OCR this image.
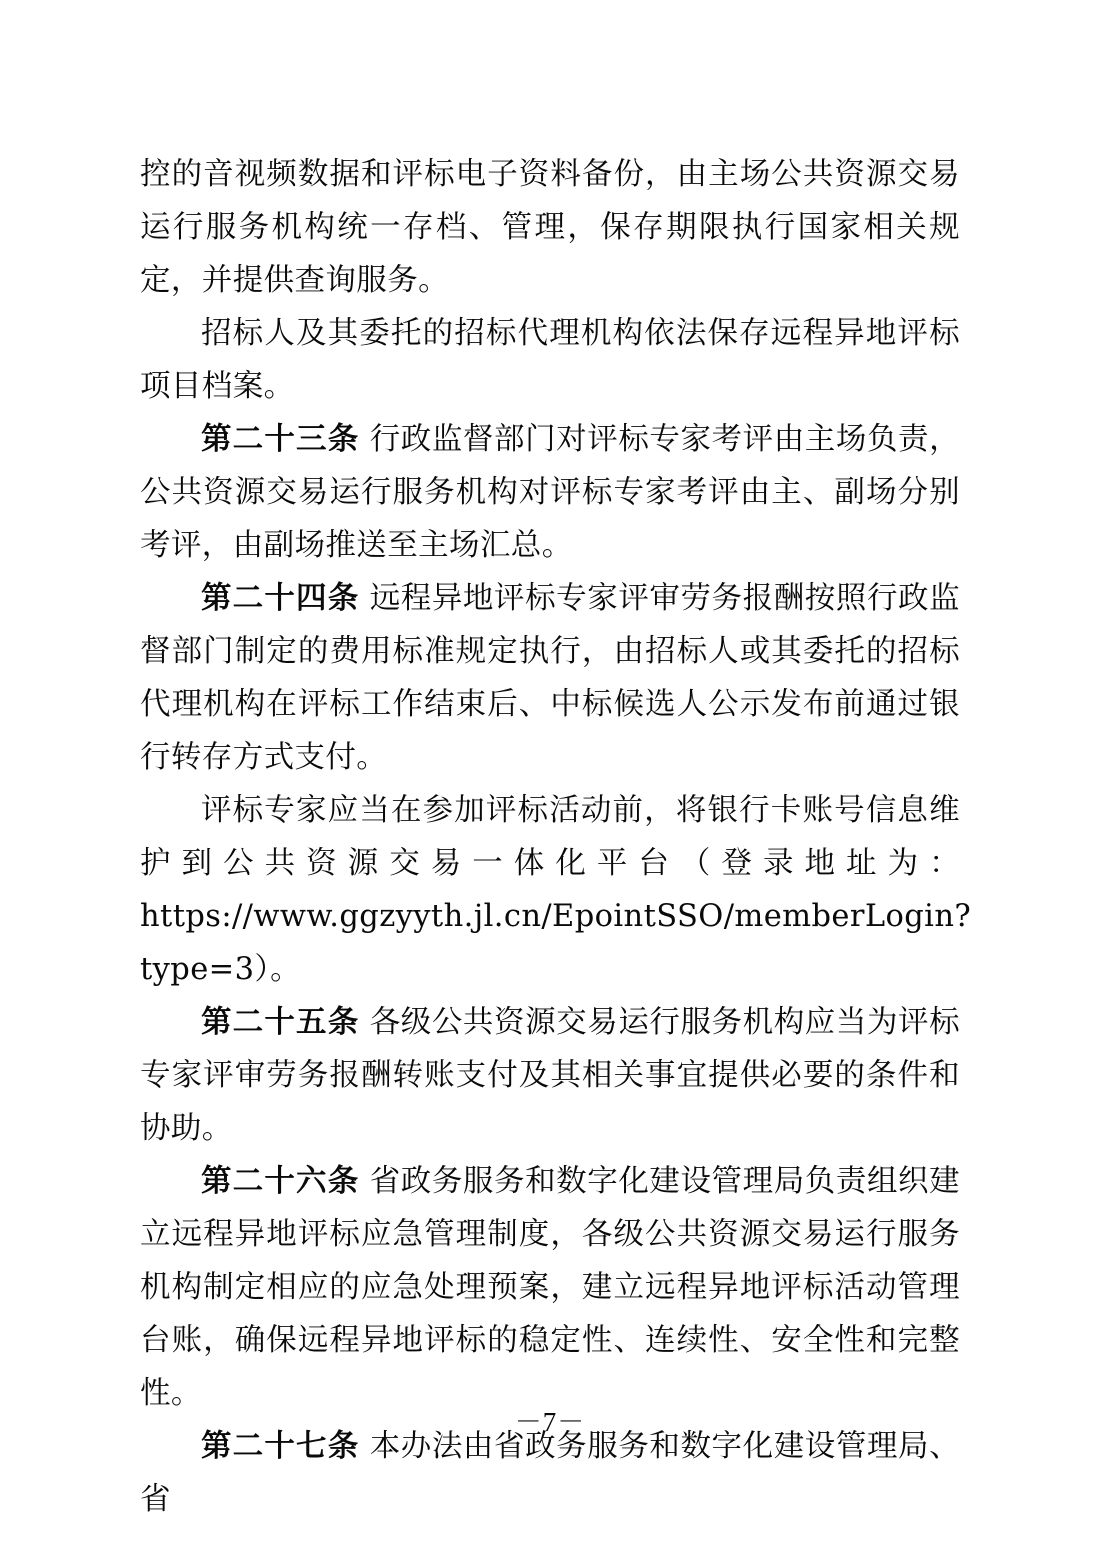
控的音视频数据和评标电子资料备份，由主场公共资源交易运行服务机构统一存档、管理，保存期限执行国家相关规定，并提供查询服务。

招标人及其委托的招标代理机构依法保存远程异地评标项目档案。

第二十三条 行政监督部门对评标专家考评由主场负责，公共资源交易运行服务机构对评标专家考评由主、副场分别考评，由副场推送至主场汇总。

第二十四条 远程异地评标专家评审劳务报酬按照行政监督部门制定的费用标准规定执行，由招标人或其委托的招标代理机构在评标工作结束后、中标候选人公示发布前通过银行转存方式支付。

评标专家应当在参加评标活动前，将银行卡账号信息维护到公共资源交易一体化平台（登录地址为：https://www.ggzyyth.jl.cn/EpointSSO/memberLogin?type=3）。

第二十五条 各级公共资源交易运行服务机构应当为评标专家评审劳务报酬转账支付及其相关事宜提供必要的条件和协助。

第二十六条 省政务服务和数字化建设管理局负责组织建立远程异地评标应急管理制度，各级公共资源交易运行服务机构制定相应的应急处理预案，建立远程异地评标活动管理台账，确保远程异地评标的稳定性、连续性、安全性和完整性。

第二十七条 本办法由省政务服务和数字化建设管理局、省

－7－
